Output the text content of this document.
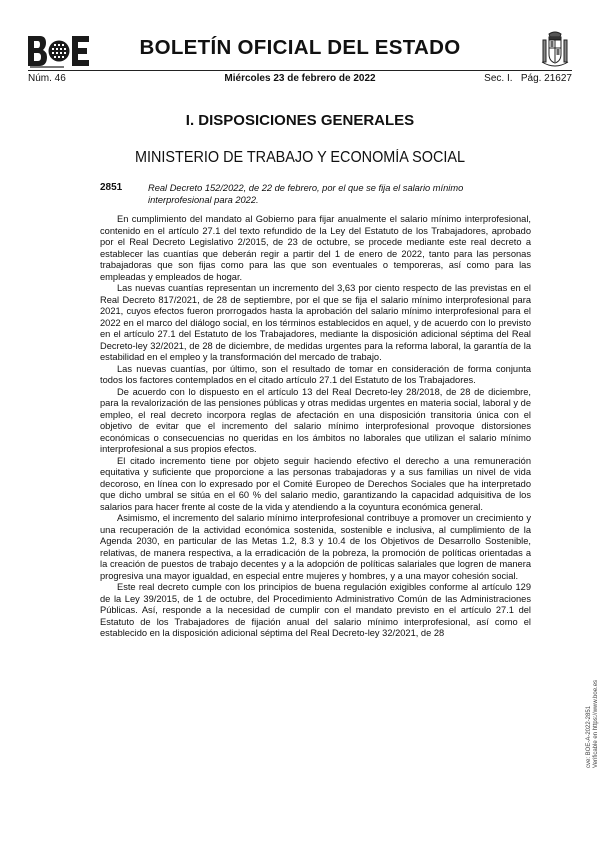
BOLETÍN OFICIAL DEL ESTADO
Núm. 46	Miércoles 23 de febrero de 2022	Sec. I.   Pág. 21627
I. DISPOSICIONES GENERALES
MINISTERIO DE TRABAJO Y ECONOMÍA SOCIAL
2851	Real Decreto 152/2022, de 22 de febrero, por el que se fija el salario mínimo interprofesional para 2022.

En cumplimiento del mandato al Gobierno para fijar anualmente el salario mínimo interprofesional, contenido en el artículo 27.1 del texto refundido de la Ley del Estatuto de los Trabajadores, aprobado por el Real Decreto Legislativo 2/2015, de 23 de octubre, se procede mediante este real decreto a establecer las cuantías que deberán regir a partir del 1 de enero de 2022, tanto para las personas trabajadoras que son fijas como para las que son eventuales o temporeras, así como para las empleadas y empleados de hogar.

Las nuevas cuantías representan un incremento del 3,63 por ciento respecto de las previstas en el Real Decreto 817/2021, de 28 de septiembre, por el que se fija el salario mínimo interprofesional para 2021, cuyos efectos fueron prorrogados hasta la aprobación del salario mínimo interprofesional para el 2022 en el marco del diálogo social, en los términos establecidos en aquel, y de acuerdo con lo previsto en el artículo 27.1 del Estatuto de los Trabajadores, mediante la disposición adicional séptima del Real Decreto-ley 32/2021, de 28 de diciembre, de medidas urgentes para la reforma laboral, la garantía de la estabilidad en el empleo y la transformación del mercado de trabajo.

Las nuevas cuantías, por último, son el resultado de tomar en consideración de forma conjunta todos los factores contemplados en el citado artículo 27.1 del Estatuto de los Trabajadores.

De acuerdo con lo dispuesto en el artículo 13 del Real Decreto-ley 28/2018, de 28 de diciembre, para la revalorización de las pensiones públicas y otras medidas urgentes en materia social, laboral y de empleo, el real decreto incorpora reglas de afectación en una disposición transitoria única con el objetivo de evitar que el incremento del salario mínimo interprofesional provoque distorsiones económicas o consecuencias no queridas en los ámbitos no laborales que utilizan el salario mínimo interprofesional a sus propios efectos.

El citado incremento tiene por objeto seguir haciendo efectivo el derecho a una remuneración equitativa y suficiente que proporcione a las personas trabajadoras y a sus familias un nivel de vida decoroso, en línea con lo expresado por el Comité Europeo de Derechos Sociales que ha interpretado que dicho umbral se sitúa en el 60 % del salario medio, garantizando la capacidad adquisitiva de los salarios para hacer frente al coste de la vida y atendiendo a la coyuntura económica general.

Asimismo, el incremento del salario mínimo interprofesional contribuye a promover un crecimiento y una recuperación de la actividad económica sostenida, sostenible e inclusiva, al cumplimiento de la Agenda 2030, en particular de las Metas 1.2, 8.3 y 10.4 de los Objetivos de Desarrollo Sostenible, relativas, de manera respectiva, a la erradicación de la pobreza, la promoción de políticas orientadas a la creación de puestos de trabajo decentes y a la adopción de políticas salariales que logren de manera progresiva una mayor igualdad, en especial entre mujeres y hombres, y a una mayor cohesión social.

Este real decreto cumple con los principios de buena regulación exigibles conforme al artículo 129 de la Ley 39/2015, de 1 de octubre, del Procedimiento Administrativo Común de las Administraciones Públicas. Así, responde a la necesidad de cumplir con el mandato previsto en el artículo 27.1 del Estatuto de los Trabajadores de fijación anual del salario mínimo interprofesional, así como el establecido en la disposición adicional séptima del Real Decreto-ley 32/2021, de 28

cve: BOE-A-2022-2851 Verificable en https://www.boe.es
